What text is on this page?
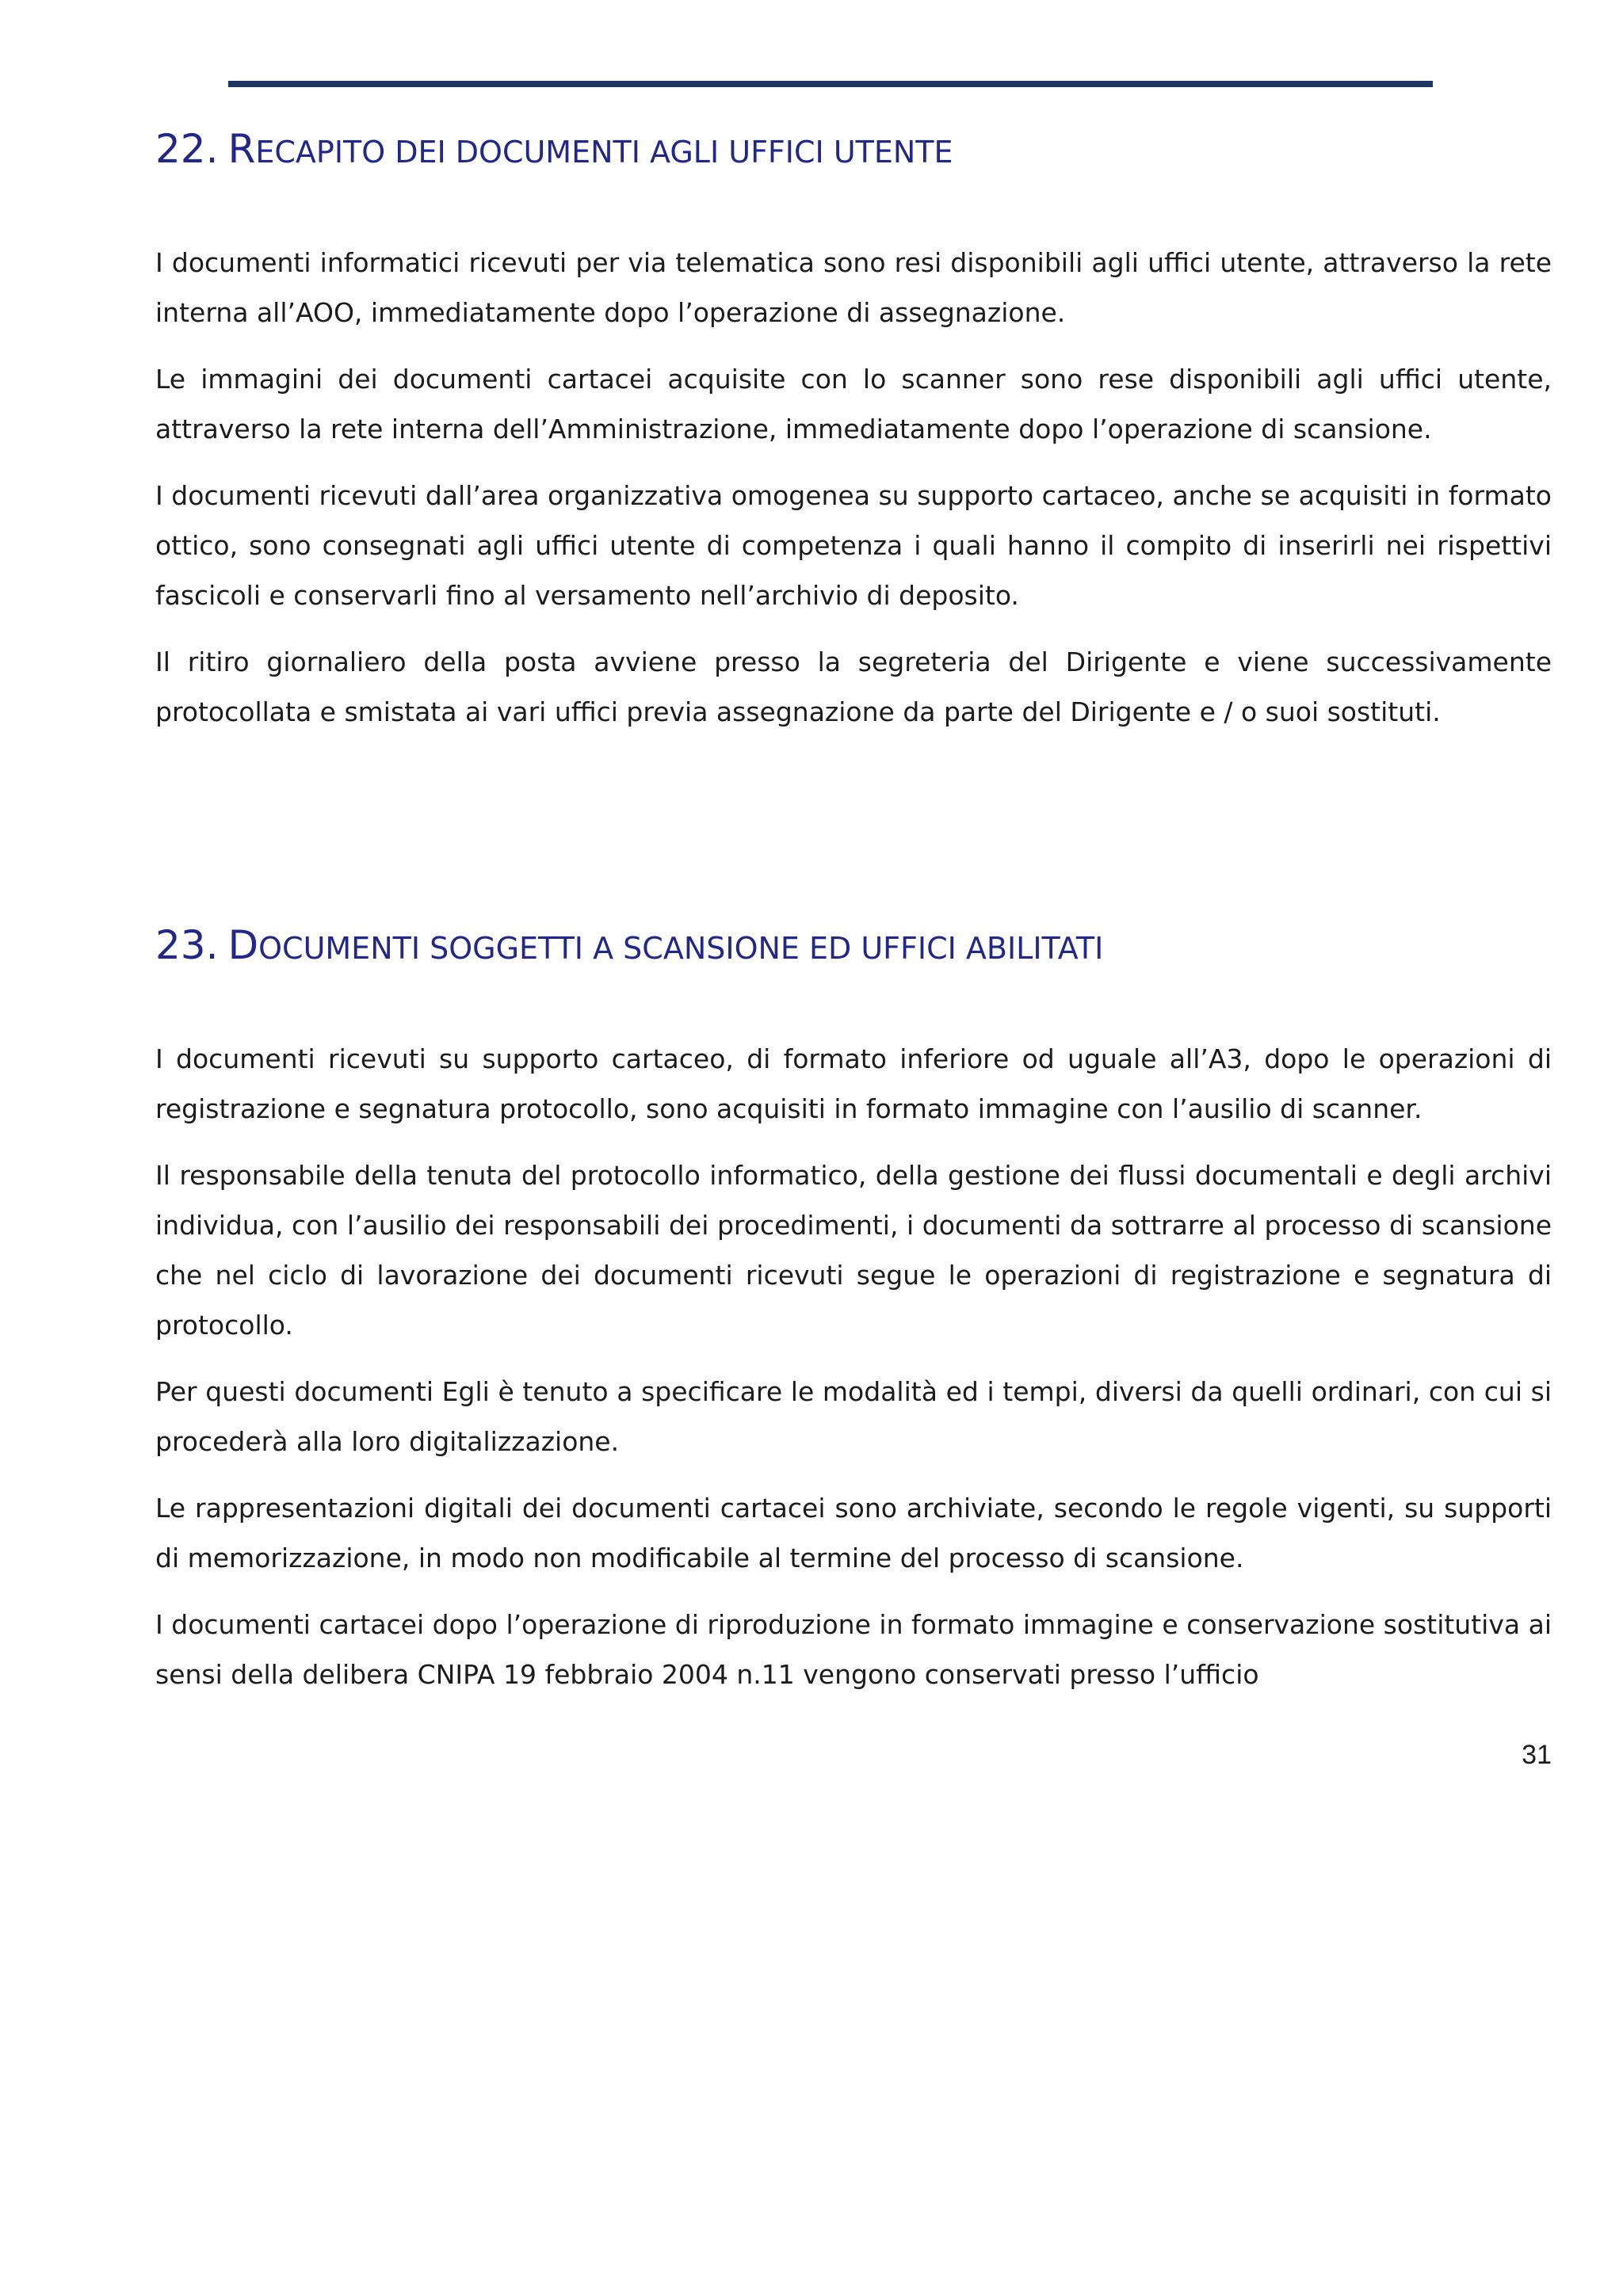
22. RECAPITO DEI DOCUMENTI AGLI UFFICI UTENTE

I documenti informatici ricevuti per via telematica sono resi disponibili agli uffici utente, attraverso la rete interna all’AOO, immediatamente dopo l’operazione di assegnazione.

Le immagini dei documenti cartacei acquisite con lo scanner sono rese disponibili agli uffici utente, attraverso la rete interna dell’Amministrazione, immediatamente dopo l’operazione di scansione.

I documenti ricevuti dall’area organizzativa omogenea su supporto cartaceo, anche se acquisiti in formato ottico, sono consegnati agli uffici utente di competenza i quali hanno il compito di inserirli nei rispettivi fascicoli e conservarli fino al versamento nell’archivio di deposito.

Il ritiro giornaliero della posta avviene presso la segreteria del Dirigente e viene successivamente protocollata e smistata ai vari uffici previa assegnazione da parte del Dirigente e / o suoi sostituti.

23. DOCUMENTI SOGGETTI A SCANSIONE ED UFFICI ABILITATI

I documenti ricevuti su supporto cartaceo, di formato inferiore od uguale all’A3, dopo le operazioni di registrazione e segnatura protocollo, sono acquisiti in formato immagine con l’ausilio di scanner.

Il responsabile della tenuta del protocollo informatico, della gestione dei flussi documentali e degli archivi individua, con l’ausilio dei responsabili dei procedimenti, i documenti da sottrarre al processo di scansione che nel ciclo di lavorazione dei documenti ricevuti segue le operazioni di registrazione e segnatura di protocollo.

Per questi documenti Egli è tenuto a specificare le modalità ed i tempi, diversi da quelli ordinari, con cui si procederà alla loro digitalizzazione.

Le rappresentazioni digitali dei documenti cartacei sono archiviate, secondo le regole vigenti, su supporti di memorizzazione, in modo non modificabile al termine del processo di scansione.

I documenti cartacei dopo l’operazione di riproduzione in formato immagine e conservazione sostitutiva ai sensi della delibera CNIPA 19 febbraio 2004 n.11 vengono conservati presso l’ufficio

31
